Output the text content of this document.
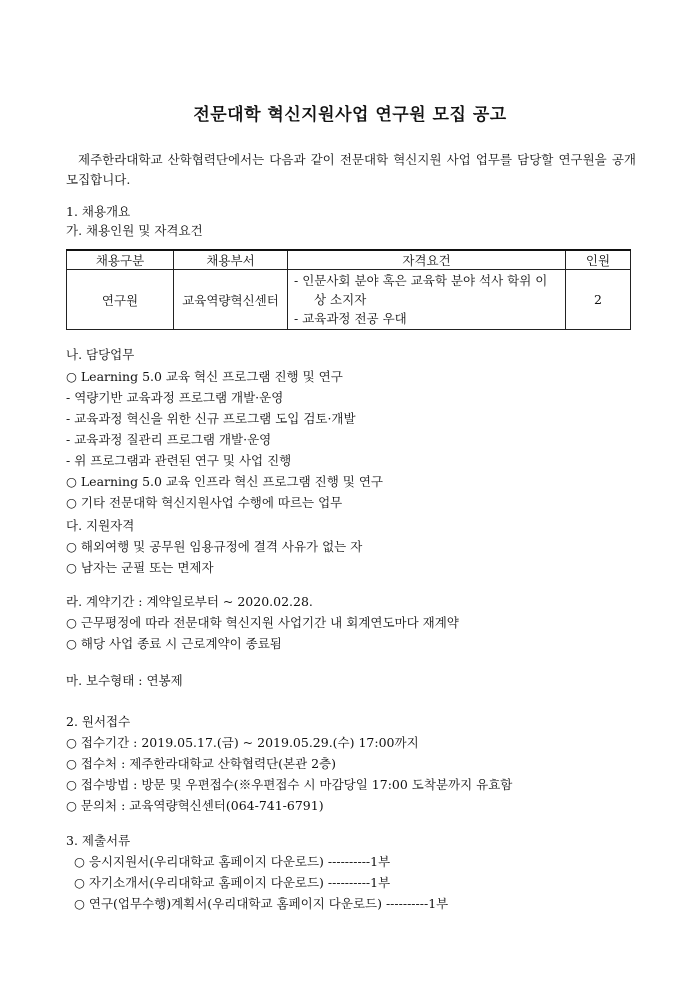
전문대학 혁신지원사업 연구원 모집 공고
제주한라대학교 산학협력단에서는 다음과 같이 전문대학 혁신지원 사업 업무를 담당할 연구원을 공개 모집합니다.
1. 채용개요
가. 채용인원 및 자격요건
채용구분	채용부서	자격요건	인원
연구원	교육역량혁신센터	- 인문사회 분야 혹은 교육학 분야 석사 학위 이
상 소지자
- 교육과정 전공 우대	2
나. 담당업무
○ Learning 5.0 교육 혁신 프로그램 진행 및 연구
- 역량기반 교육과정 프로그램 개발·운영
- 교육과정 혁신을 위한 신규 프로그램 도입 검토·개발
- 교육과정 질관리 프로그램 개발·운영
- 위 프로그램과 관련된 연구 및 사업 진행
○ Learning 5.0 교육 인프라 혁신 프로그램 진행 및 연구
○ 기타 전문대학 혁신지원사업 수행에 따르는 업무
다. 지원자격
○ 해외여행 및 공무원 임용규정에 결격 사유가 없는 자
○ 남자는 군필 또는 면제자
라. 계약기간 : 계약일로부터 ~ 2020.02.28.
○ 근무평정에 따라 전문대학 혁신지원 사업기간 내 회계연도마다 재계약
○ 해당 사업 종료 시 근로계약이 종료됨
마. 보수형태 : 연봉제
2. 원서접수
○ 접수기간 : 2019.05.17.(금) ~ 2019.05.29.(수) 17:00까지
○ 접수처 : 제주한라대학교 산학협력단(본관 2층)
○ 접수방법 : 방문 및 우편접수(※우편접수 시 마감당일 17:00 도착분까지 유효함
○ 문의처 : 교육역량혁신센터(064-741-6791)
3. 제출서류
○ 응시지원서(우리대학교 홈페이지 다운로드) ----------1부
○ 자기소개서(우리대학교 홈페이지 다운로드) ----------1부
○ 연구(업무수행)계획서(우리대학교 홈페이지 다운로드) ----------1부
